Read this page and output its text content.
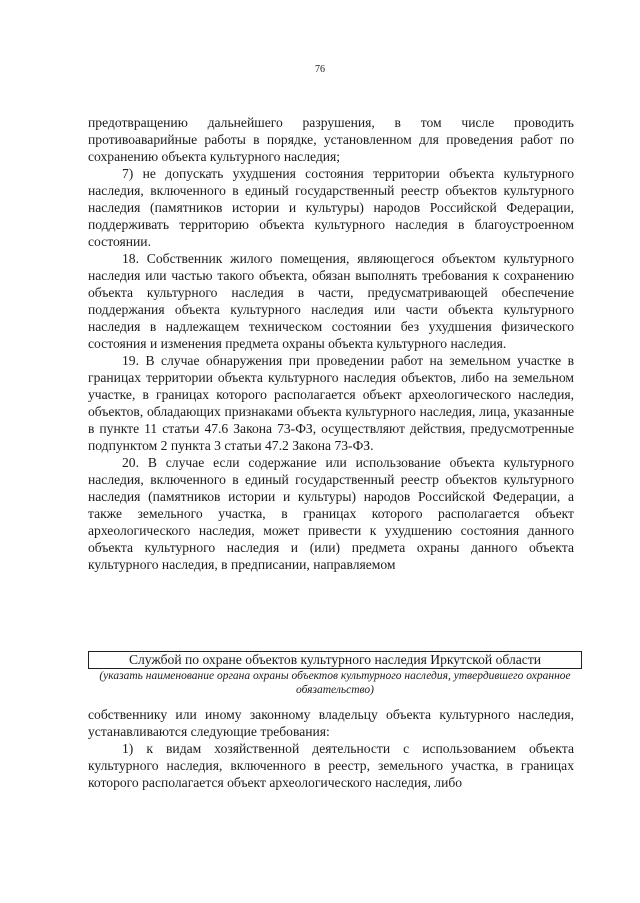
76

предотвращению дальнейшего разрушения, в том числе проводить противоаварийные работы в порядке, установленном для проведения работ по сохранению объекта культурного наследия;

7) не допускать ухудшения состояния территории объекта культурного наследия, включенного в единый государственный реестр объектов культурного наследия (памятников истории и культуры) народов Российской Федерации, поддерживать территорию объекта культурного наследия в благоустроенном состоянии.

18. Собственник жилого помещения, являющегося объектом культурного наследия или частью такого объекта, обязан выполнять требования к сохранению объекта культурного наследия в части, предусматривающей обеспечение поддержания объекта культурного наследия или части объекта культурного наследия в надлежащем техническом состоянии без ухудшения физического состояния и изменения предмета охраны объекта культурного наследия.

19. В случае обнаружения при проведении работ на земельном участке в границах территории объекта культурного наследия объектов, либо на земельном участке, в границах которого располагается объект археологического наследия, объектов, обладающих признаками объекта культурного наследия, лица, указанные в пункте 11 статьи 47.6 Закона 73-ФЗ, осуществляют действия, предусмотренные подпунктом 2 пункта 3 статьи 47.2 Закона 73-ФЗ.

20. В случае если содержание или использование объекта культурного наследия, включенного в единый государственный реестр объектов культурного наследия (памятников истории и культуры) народов Российской Федерации, а также земельного участка, в границах которого располагается объект археологического наследия, может привести к ухудшению состояния данного объекта культурного наследия и (или) предмета охраны данного объекта культурного наследия, в предписании, направляемом

Службой по охране объектов культурного наследия Иркутской области
(указать наименование органа охраны объектов культурного наследия, утвердившего охранное обязательство)

собственнику или иному законному владельцу объекта культурного наследия, устанавливаются следующие требования:

1) к видам хозяйственной деятельности с использованием объекта культурного наследия, включенного в реестр, земельного участка, в границах которого располагается объект археологического наследия, либо
